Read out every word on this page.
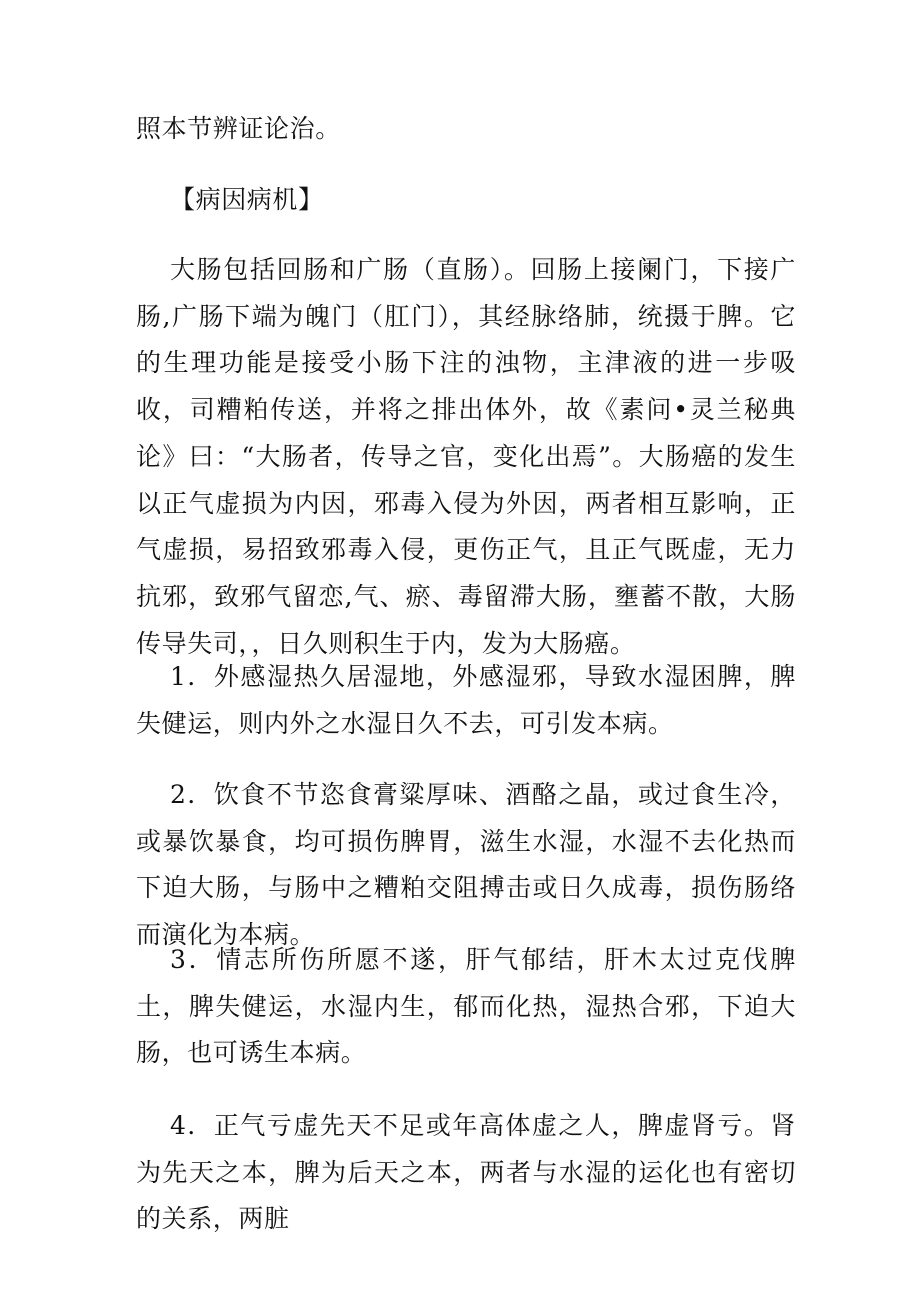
照本节辨证论治。

【病因病机】

大肠包括回肠和广肠（直肠）。回肠上接阑门，下接广肠,广肠下端为魄门（肛门），其经脉络肺，统摄于脾。它的生理功能是接受小肠下注的浊物，主津液的进一步吸收，司糟粕传送，并将之排出体外，故《素问•灵兰秘典论》曰：“大肠者，传导之官，变化出焉”。大肠癌的发生以正气虚损为内因，邪毒入侵为外因，两者相互影响，正气虚损，易招致邪毒入侵，更伤正气，且正气既虚，无力抗邪，致邪气留恋,气、瘀、毒留滞大肠，壅蓄不散，大肠传导失司，，日久则积生于内，发为大肠癌。

1．外感湿热久居湿地，外感湿邪，导致水湿困脾，脾失健运，则内外之水湿日久不去，可引发本病。

2．饮食不节恣食膏粱厚味、酒酪之晶，或过食生冷，或暴饮暴食，均可损伤脾胃，滋生水湿，水湿不去化热而下迫大肠，与肠中之糟粕交阻搏击或日久成毒，损伤肠络而演化为本病。

3．情志所伤所愿不遂，肝气郁结，肝木太过克伐脾土，脾失健运，水湿内生，郁而化热，湿热合邪，下迫大肠，也可诱生本病。

4．正气亏虚先天不足或年高体虚之人，脾虚肾亏。肾为先天之本，脾为后天之本，两者与水湿的运化也有密切的关系，两脏
